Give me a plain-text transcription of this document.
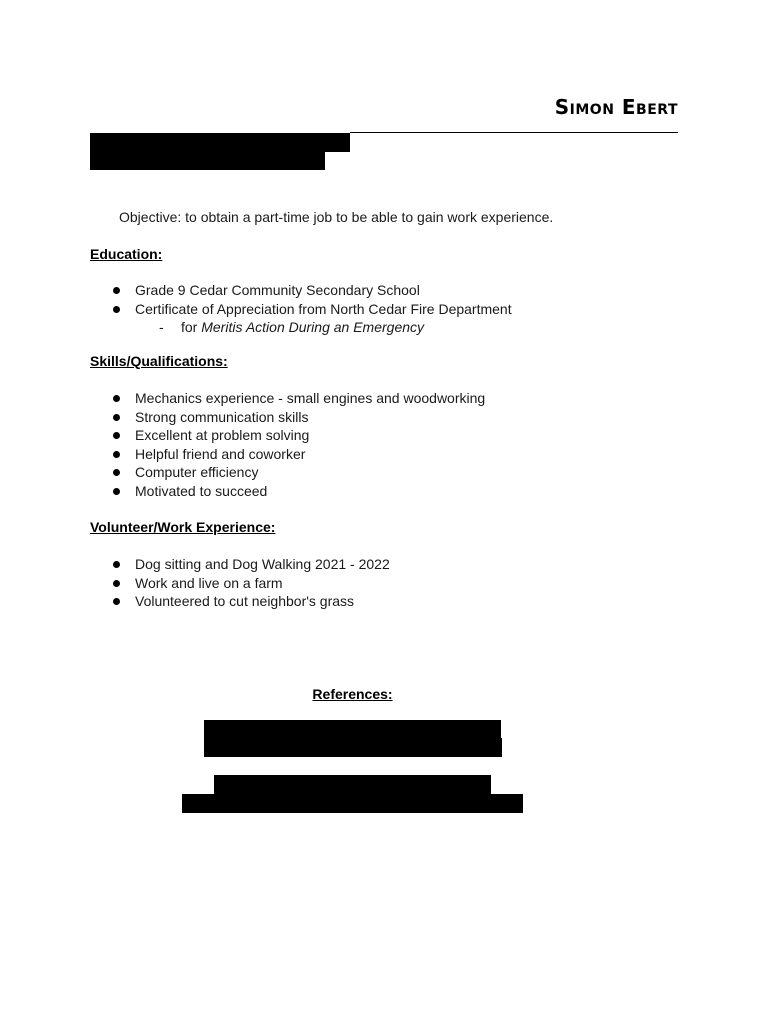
Simon Ebert
Objective: to obtain a part-time job to be able to gain work experience.
Education:
Grade 9 Cedar Community Secondary School
Certificate of Appreciation from North Cedar Fire Department
- for Meritis Action During an Emergency
Skills/Qualifications:
Mechanics experience - small engines and woodworking
Strong communication skills
Excellent at problem solving
Helpful friend and coworker
Computer efficiency
Motivated to succeed
Volunteer/Work Experience:
Dog sitting and Dog Walking 2021 - 2022
Work and live on a farm
Volunteered to cut neighbor's grass
References:
